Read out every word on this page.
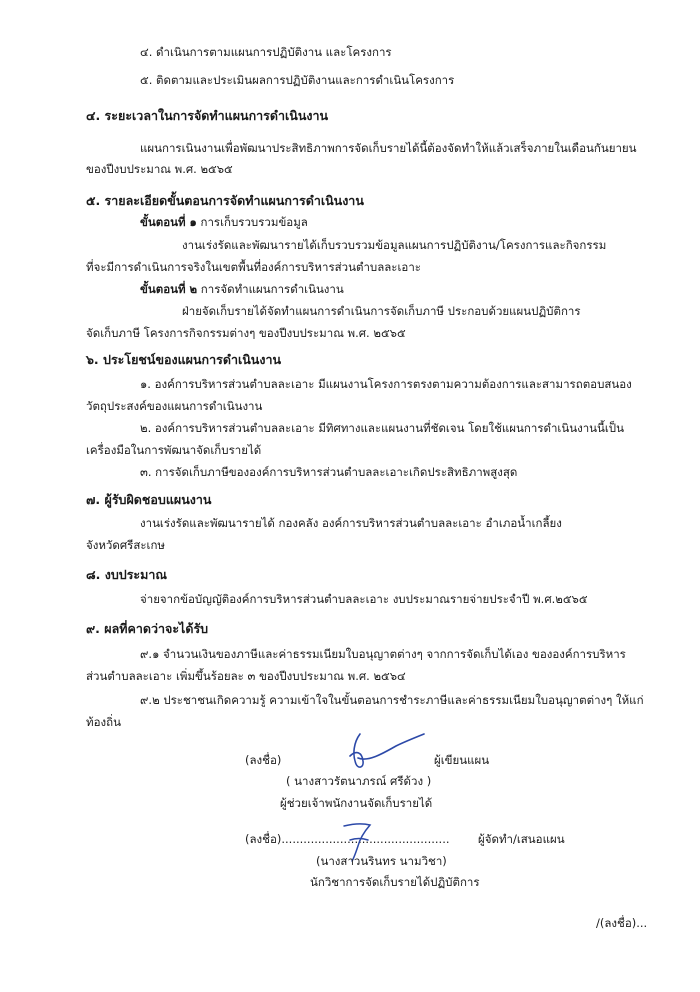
๔. ดำเนินการตามแผนการปฏิบัติงาน และโครงการ
๕. ติดตามและประเมินผลการปฏิบัติงานและการดำเนินโครงการ
๔. ระยะเวลาในการจัดทำแผนการดำเนินงาน
แผนการเนินงานเพื่อพัฒนาประสิทธิภาพการจัดเก็บรายได้นี้ต้องจัดทำให้แล้วเสร็จภายในเดือนกันยายน
ของปีงบประมาณ พ.ศ. ๒๕๖๕
๕. รายละเอียดขั้นตอนการจัดทำแผนการดำเนินงาน
ขั้นตอนที่ ๑ การเก็บรวบรวมข้อมูล
งานเร่งรัดและพัฒนารายได้เก็บรวบรวมข้อมูลแผนการปฏิบัติงาน/โครงการและกิจกรรม
ที่จะมีการดำเนินการจริงในเขตพื้นที่องค์การบริหารส่วนตำบลละเอาะ
ขั้นตอนที่ ๒ การจัดทำแผนการดำเนินงาน
ฝ่ายจัดเก็บรายได้จัดทำแผนการดำเนินการจัดเก็บภาษี ประกอบด้วยแผนปฏิบัติการ
จัดเก็บภาษี โครงการกิจกรรมต่างๆ ของปีงบประมาณ พ.ศ. ๒๕๖๕
๖. ประโยชน์ของแผนการดำเนินงาน
๑. องค์การบริหารส่วนตำบลละเอาะ มีแผนงานโครงการตรงตามความต้องการและสามารถตอบสนอง
วัตถุประสงค์ของแผนการดำเนินงาน
๒. องค์การบริหารส่วนตำบลละเอาะ มีทิศทางและแผนงานที่ชัดเจน โดยใช้แผนการดำเนินงานนี้เป็น
เครื่องมือในการพัฒนาจัดเก็บรายได้
๓. การจัดเก็บภาษีขององค์การบริหารส่วนตำบลละเอาะเกิดประสิทธิภาพสูงสุด
๗. ผู้รับผิดชอบแผนงาน
งานเร่งรัดและพัฒนารายได้ กองคลัง องค์การบริหารส่วนตำบลละเอาะ อำเภอน้ำเกลี้ยง
จังหวัดศรีสะเกษ
๘. งบประมาณ
จ่ายจากข้อบัญญัติองค์การบริหารส่วนตำบลละเอาะ งบประมาณรายจ่ายประจำปี พ.ศ.๒๕๖๕
๙. ผลที่คาดว่าจะได้รับ
๙.๑ จำนวนเงินของภาษีและค่าธรรมเนียมใบอนุญาตต่างๆ จากการจัดเก็บได้เอง ขององค์การบริหาร
ส่วนตำบลละเอาะ เพิ่มขึ้นร้อยละ ๓ ของปีงบประมาณ พ.ศ. ๒๕๖๔
๙.๒ ประชาชนเกิดความรู้ ความเข้าใจในขั้นตอนการชำระภาษีและค่าธรรมเนียมใบอนุญาตต่างๆ ให้แก่
ท้องถิ่น
(ลงชื่อ)	ผู้เขียนแผน
( นางสาวรัตนาภรณ์ ศรีด้วง )
ผู้ช่วยเจ้าพนักงานจัดเก็บรายได้
(ลงชื่อ).............................................. ผู้จัดทำ/เสนอแผน
(นางสาวนรินทร นามวิชา)
นักวิชาการจัดเก็บรายได้ปฏิบัติการ
/(ลงชื่อ)...
